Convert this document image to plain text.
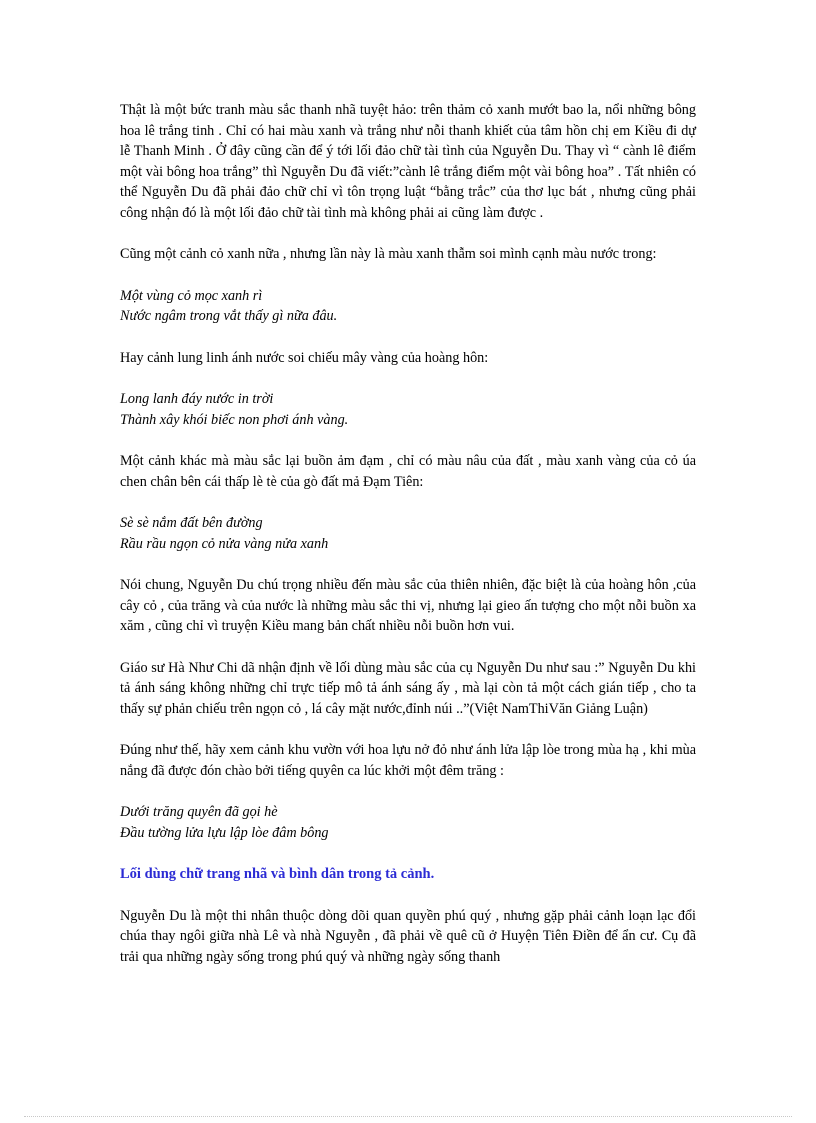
Thật là một bức tranh màu sắc thanh nhã tuyệt hảo: trên thảm cỏ xanh mướt bao la, nổi những bông hoa lê trắng tinh . Chỉ có hai màu xanh và trắng như nỗi thanh khiết của tâm hồn chị em Kiều đi dự lễ Thanh Minh . Ở đây cũng cần để ý tới lối đảo chữ tài tình của Nguyễn Du. Thay vì “ cành lê điểm một vài bông hoa trắng” thì Nguyễn Du đã viết:”cành lê trắng điểm một vài bông hoa” . Tất nhiên có thể Nguyễn Du đã phải đảo chữ chỉ vì tôn trọng luật “bằng trắc” của thơ lục bát , nhưng cũng phải công nhận đó là một lối đảo chữ tài tình mà không phải ai cũng làm được .

Cũng một cảnh cỏ xanh nữa , nhưng lần này là màu xanh thẫm soi mình cạnh màu nước trong:

Một vùng cỏ mọc xanh rì
Nước ngâm trong vắt thấy gì nữa đâu.

Hay cảnh lung linh ánh nước soi chiếu mây vàng của hoàng hôn:

Long lanh đáy nước in trời
Thành xây khói biếc non phơi ánh vàng.

Một cảnh khác mà màu sắc lại buồn ảm đạm , chỉ có màu nâu của đất , màu xanh vàng của cỏ úa chen chân bên cái thấp lè tè của gò đất mả Đạm Tiên:

Sè sè nắm đất bên đường
Rầu rầu ngọn cỏ nửa vàng nửa xanh

Nói chung, Nguyễn Du chú trọng nhiều đến màu sắc của thiên nhiên, đặc biệt là của hoàng hôn ,của cây cỏ , của trăng và của nước là những màu sắc thi vị, nhưng lại gieo ấn tượng cho một nỗi buồn xa xăm , cũng chỉ vì truyện Kiều mang bản chất nhiều nỗi buồn hơn vui.

Giáo sư Hà Như Chi dã nhận định về lối dùng màu sắc của cụ Nguyễn Du như sau :” Nguyễn Du khi tả ánh sáng không những chỉ trực tiếp mô tả ánh sáng ấy , mà lại còn tả một cách gián tiếp , cho ta thấy sự phản chiếu trên ngọn cỏ , lá cây mặt nước,đỉnh núi ..”(Việt NamThiVăn Giảng Luận)

Đúng như thế, hãy xem cảnh khu vườn với hoa lựu nở đỏ như ánh lửa lập lòe trong mùa hạ , khi mùa nắng đã được đón chào bởi tiếng quyên ca lúc khởi một đêm trăng :

Dưới trăng quyên đã gọi hè
Đầu tường lửa lựu lập lòe đâm bông
Lối dùng chữ trang nhã và bình dân trong tả cảnh.

Nguyễn Du là một thi nhân thuộc dòng dõi quan quyền phú quý , nhưng gặp phải cảnh loạn lạc đổi chúa thay ngôi giữa nhà Lê và nhà Nguyễn , đã phải về quê cũ ở Huyện Tiên Điền để ẩn cư. Cụ đã trải qua những ngày sống trong phú quý và những ngày sống thanh
